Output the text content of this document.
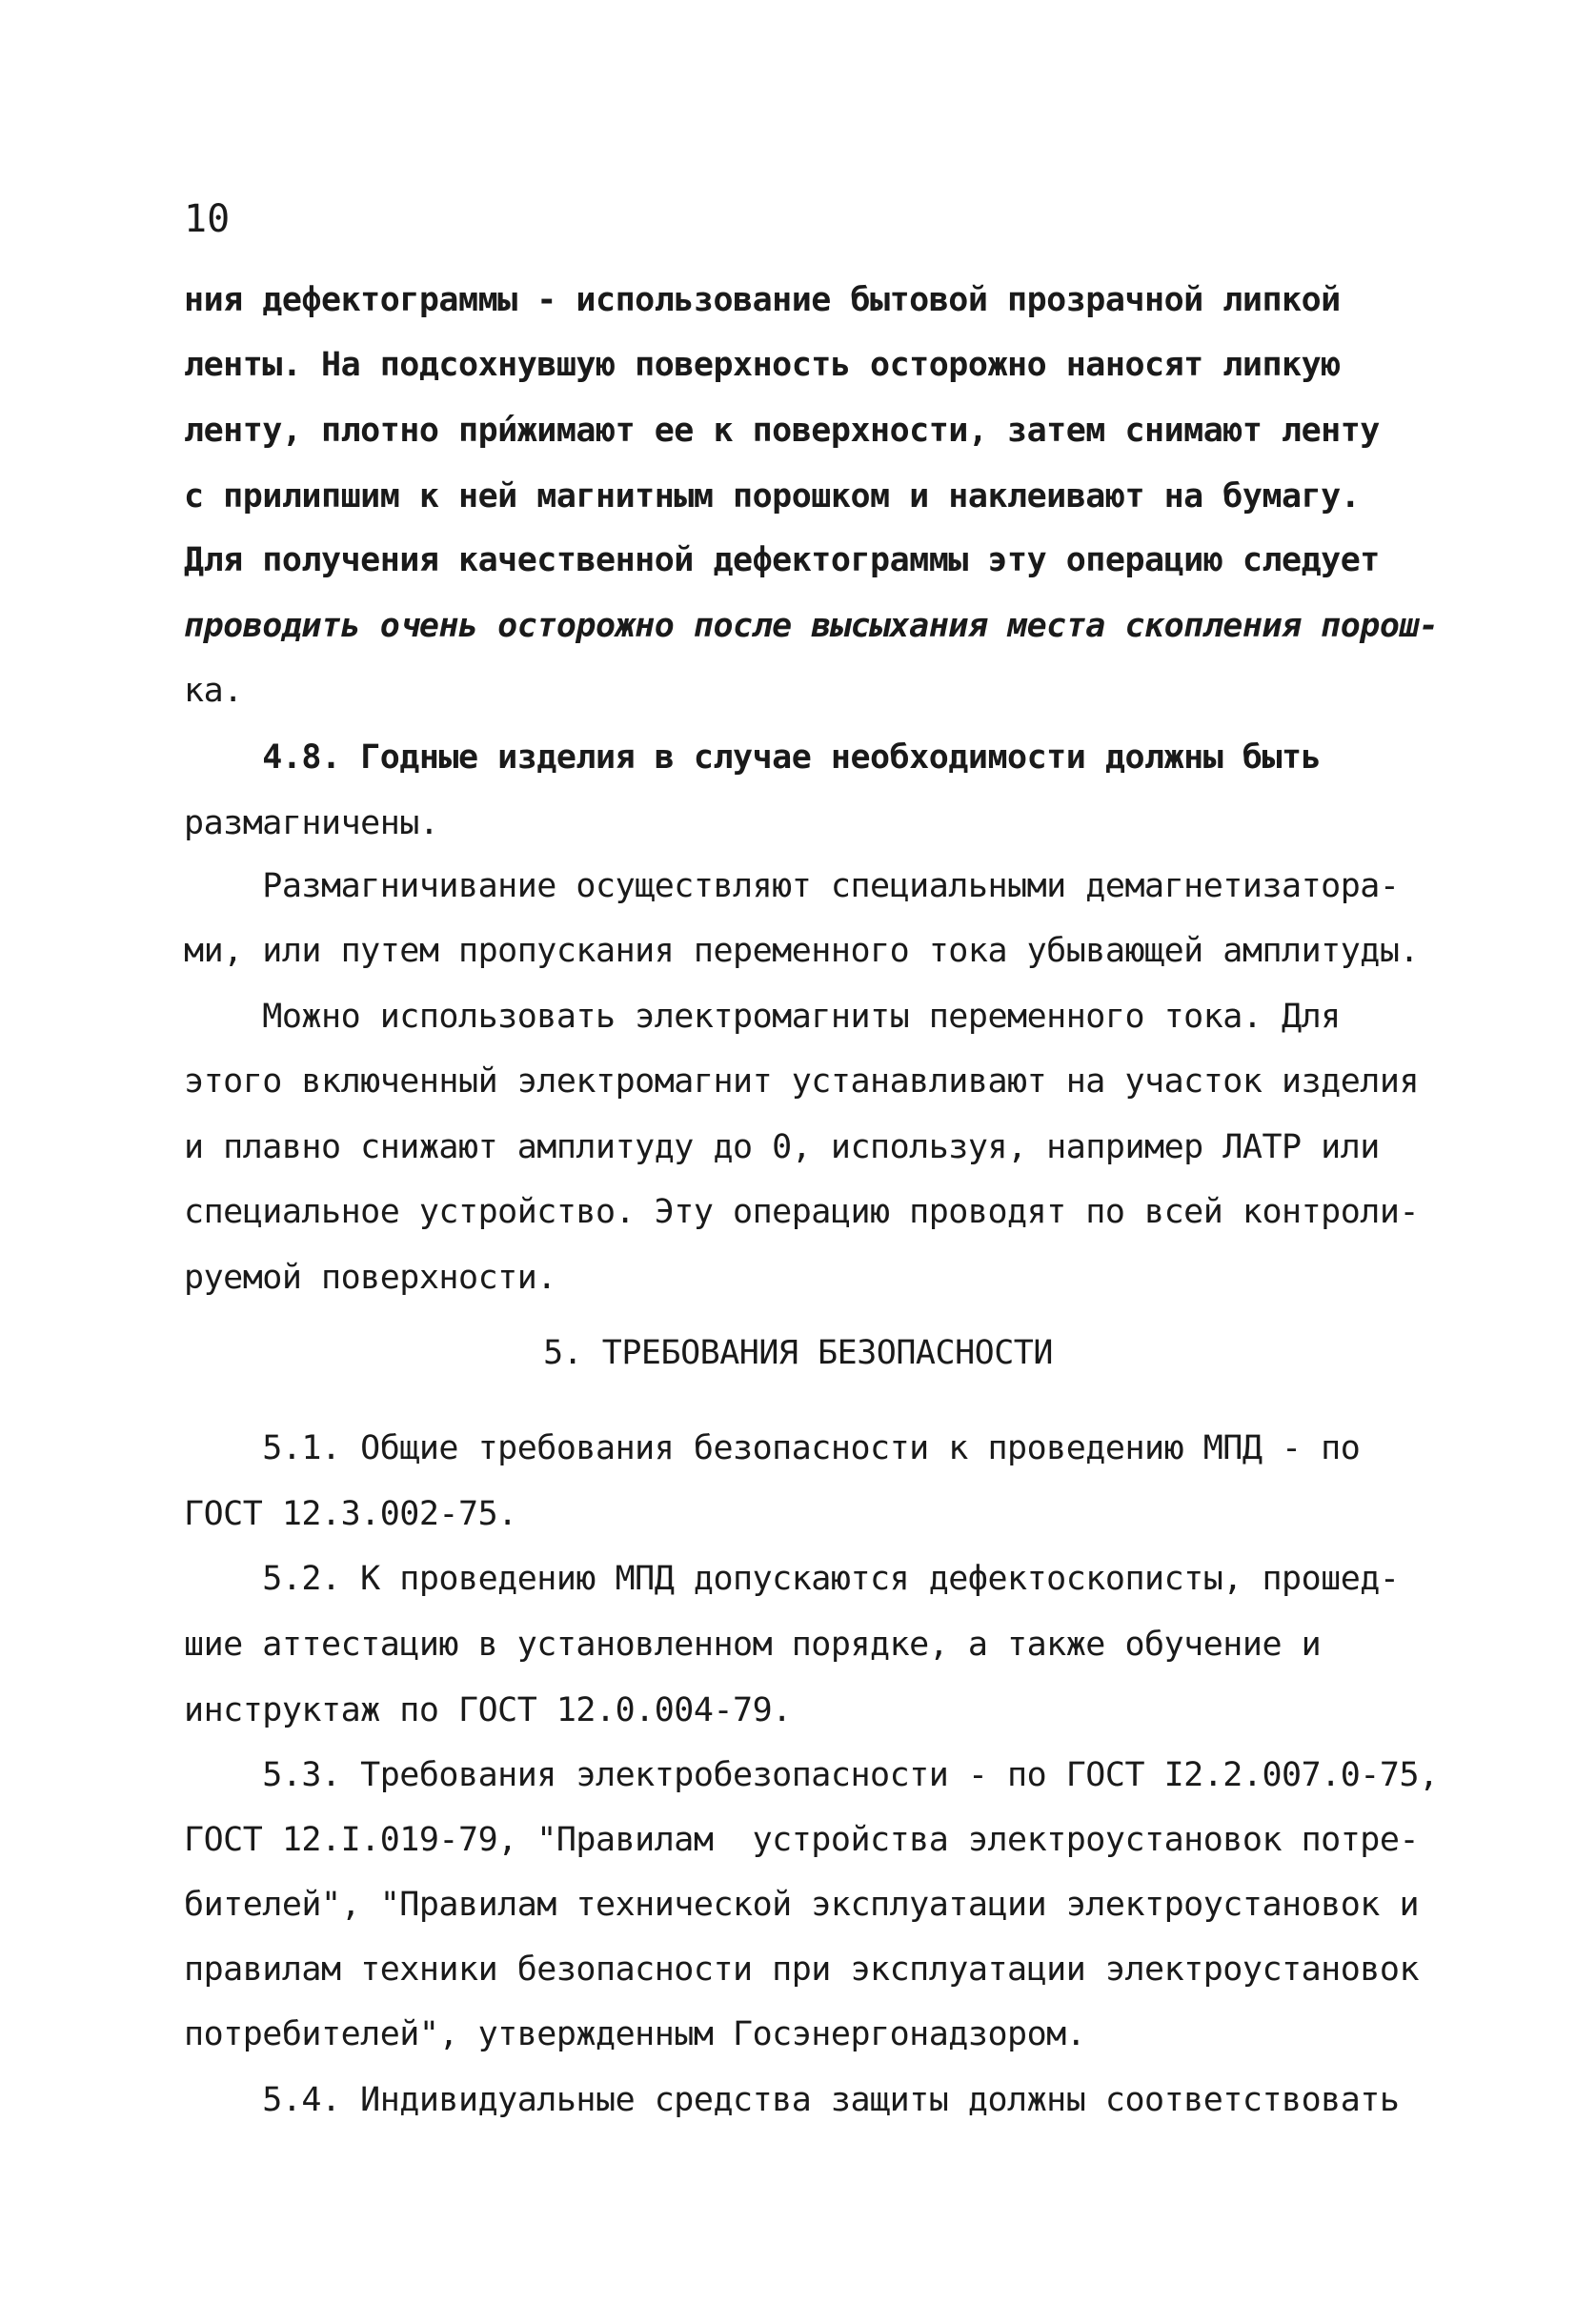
10
ния дефектограммы - использование бытовой прозрачной липкой
ленты. На подсохнувшую поверхность осторожно наносят липкую
ленту, плотно при́жимают ее к поверхности, затем снимают ленту
с прилипшим к ней магнитным порошком и наклеивают на бумагу.
Для получения качественной дефектограммы эту операцию следует
проводить очень осторожно после высыхания места скопления порош-
ка.
4.8. Годные изделия в случае необходимости должны быть
размагничены.
Размагничивание осуществляют специальными демагнетизатора-
ми, или путем пропускания переменного тока убывающей амплитуды.
Можно использовать электромагниты переменного тока. Для
этого включенный электромагнит устанавливают на участок изделия
и плавно снижают амплитуду до 0, используя, например ЛАТР или
специальное устройство. Эту операцию проводят по всей контроли-
руемой поверхности.
5. ТРЕБОВАНИЯ БЕЗОПАСНОСТИ
5.1. Общие требования безопасности к проведению МПД - по
ГОСТ 12.3.002-75.
5.2. К проведению МПД допускаются дефектоскописты, прошед-
шие аттестацию в установленном порядке, а также обучение и
инструктаж по ГОСТ 12.0.004-79.
5.3. Требования электробезопасности - по ГОСТ I2.2.007.0-75,
ГОСТ 12.I.019-79, "Правилам  устройства электроустановок потре-
бителей", "Правилам технической эксплуатации электроустановок и
правилам техники безопасности при эксплуатации электроустановок
потребителей", утвержденным Госэнергонадзором.
5.4. Индивидуальные средства защиты должны соответствовать
